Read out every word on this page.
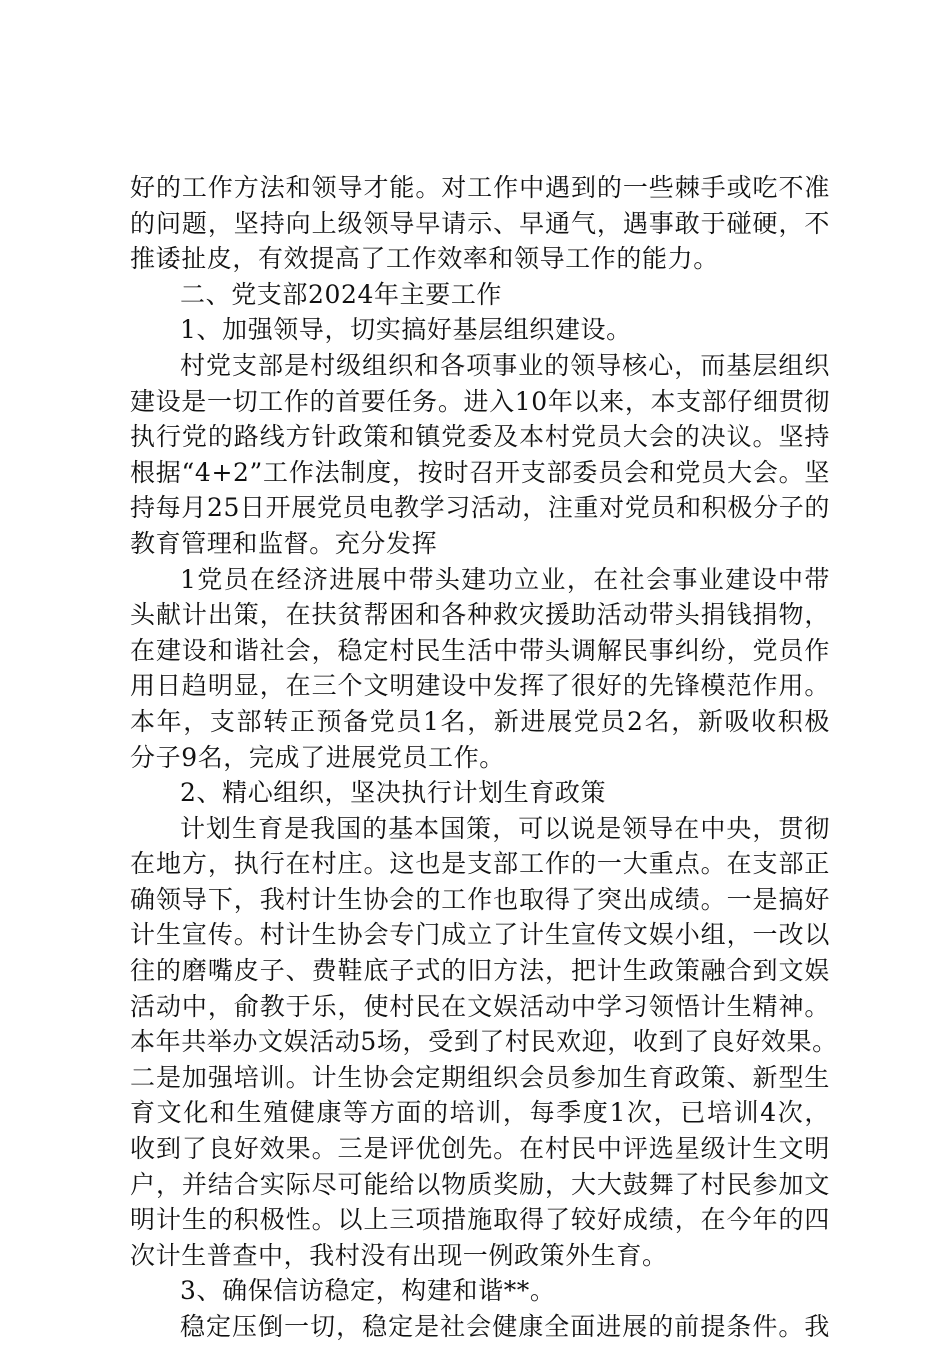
好的工作方法和领导才能。对工作中遇到的一些棘手或吃不准
的问题，坚持向上级领导早请示、早通气，遇事敢于碰硬，不
推诿扯皮，有效提高了工作效率和领导工作的能力。
二、党支部2024年主要工作
1、加强领导，切实搞好基层组织建设。
村党支部是村级组织和各项事业的领导核心，而基层组织
建设是一切工作的首要任务。进入10年以来，本支部仔细贯彻
执行党的路线方针政策和镇党委及本村党员大会的决议。坚持
根据“4+2”工作法制度，按时召开支部委员会和党员大会。坚
持每月25日开展党员电教学习活动，注重对党员和积极分子的
教育管理和监督。充分发挥
1党员在经济进展中带头建功立业，在社会事业建设中带
头献计出策，在扶贫帮困和各种救灾援助活动带头捐钱捐物，
在建设和谐社会，稳定村民生活中带头调解民事纠纷，党员作
用日趋明显，在三个文明建设中发挥了很好的先锋模范作用。
本年，支部转正预备党员1名，新进展党员2名，新吸收积极
分子9名，完成了进展党员工作。
2、精心组织，坚决执行计划生育政策
计划生育是我国的基本国策，可以说是领导在中央，贯彻
在地方，执行在村庄。这也是支部工作的一大重点。在支部正
确领导下，我村计生协会的工作也取得了突出成绩。一是搞好
计生宣传。村计生协会专门成立了计生宣传文娱小组，一改以
往的磨嘴皮子、费鞋底子式的旧方法，把计生政策融合到文娱
活动中，俞教于乐，使村民在文娱活动中学习领悟计生精神。
本年共举办文娱活动5场，受到了村民欢迎，收到了良好效果。
二是加强培训。计生协会定期组织会员参加生育政策、新型生
育文化和生殖健康等方面的培训，每季度1次，已培训4次，
收到了良好效果。三是评优创先。在村民中评选星级计生文明
户，并结合实际尽可能给以物质奖励，大大鼓舞了村民参加文
明计生的积极性。以上三项措施取得了较好成绩，在今年的四
次计生普查中，我村没有出现一例政策外生育。
3、确保信访稳定，构建和谐**。
稳定压倒一切，稳定是社会健康全面进展的前提条件。我
